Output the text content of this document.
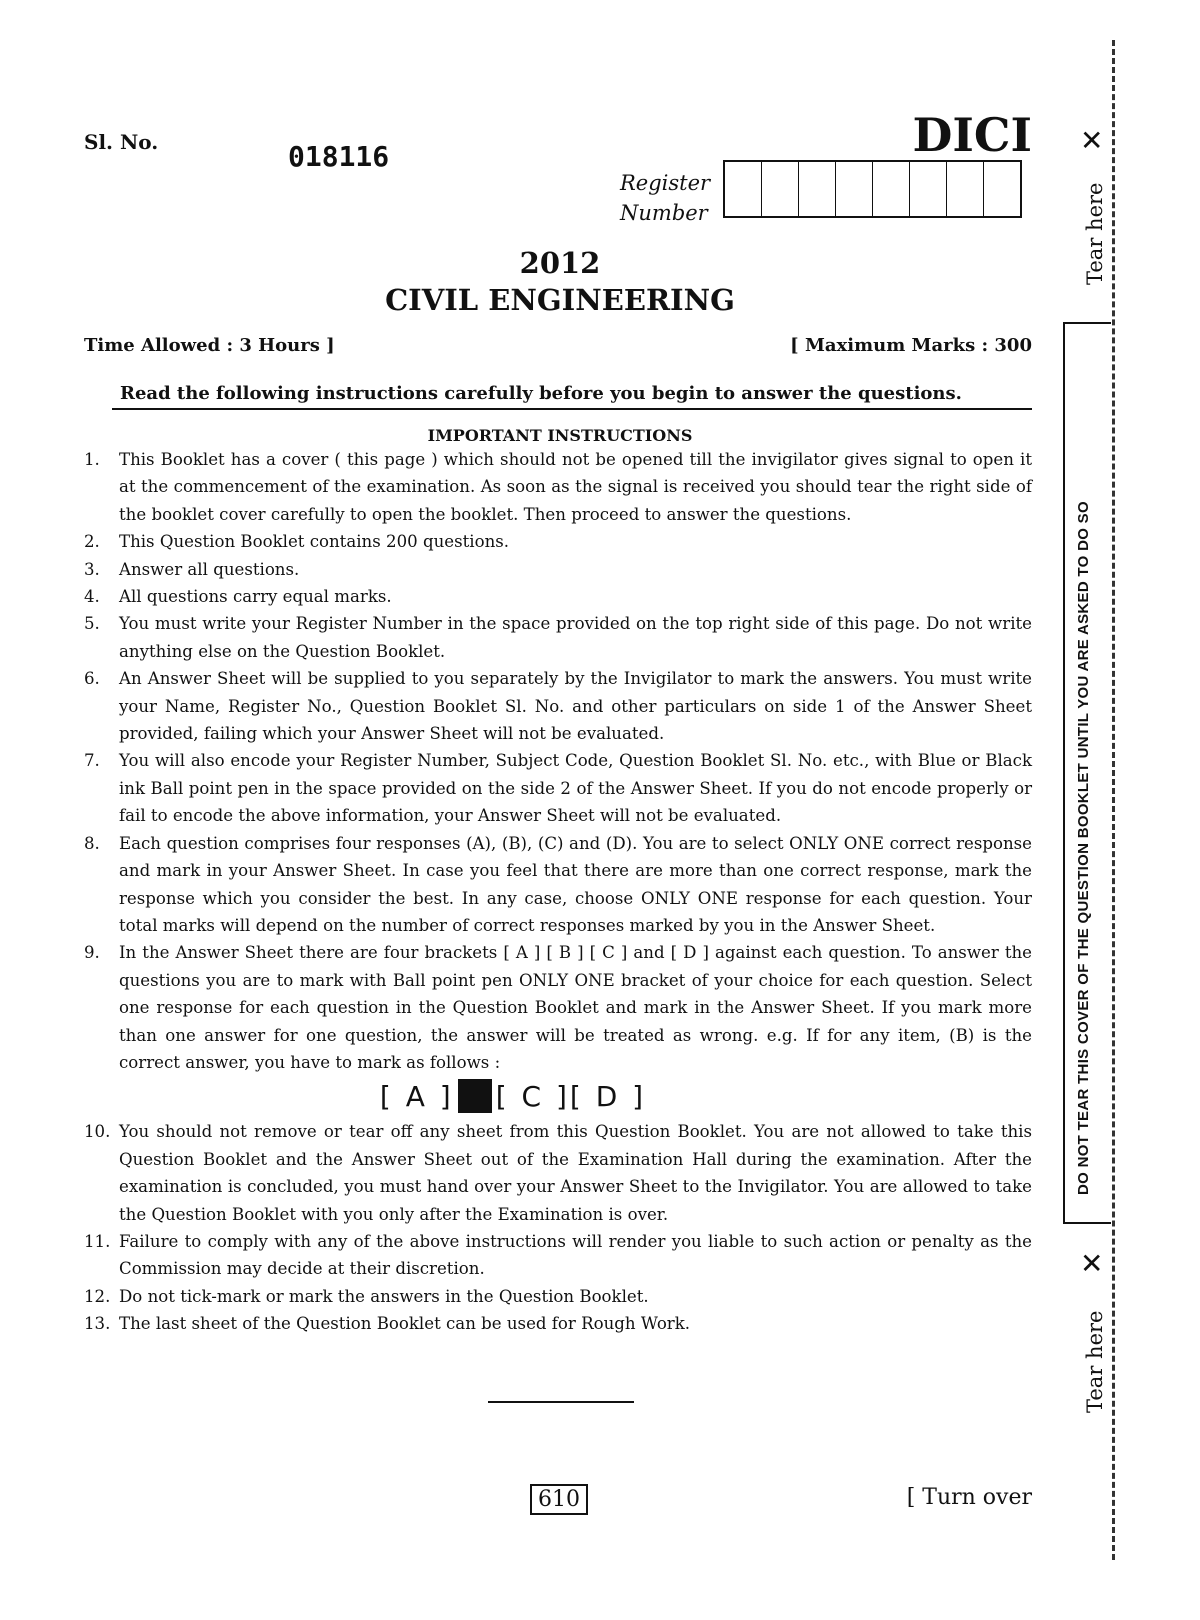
Sl. No.	018116	DICI
Register
Number
2012
CIVIL ENGINEERING
Time Allowed : 3 Hours ]	[ Maximum Marks : 300
Read the following instructions carefully before you begin to answer the questions.
IMPORTANT INSTRUCTIONS
1.	This Booklet has a cover ( this page ) which should not be opened till the invigilator gives signal to open it at the commencement of the examination. As soon as the signal is received you should tear the right side of the booklet cover carefully to open the booklet. Then proceed to answer the questions.
2.	This Question Booklet contains 200 questions.
3.	Answer all questions.
4.	All questions carry equal marks.
5.	You must write your Register Number in the space provided on the top right side of this page. Do not write anything else on the Question Booklet.
6.	An Answer Sheet will be supplied to you separately by the Invigilator to mark the answers. You must write your Name, Register No., Question Booklet Sl. No. and other particulars on side 1 of the Answer Sheet provided, failing which your Answer Sheet will not be evaluated.
7.	You will also encode your Register Number, Subject Code, Question Booklet Sl. No. etc., with Blue or Black ink Ball point pen in the space provided on the side 2 of the Answer Sheet. If you do not encode properly or fail to encode the above information, your Answer Sheet will not be evaluated.
8.	Each question comprises four responses (A), (B), (C) and (D). You are to select ONLY ONE correct response and mark in your Answer Sheet. In case you feel that there are more than one correct response, mark the response which you consider the best. In any case, choose ONLY ONE response for each question. Your total marks will depend on the number of correct responses marked by you in the Answer Sheet.
9.	In the Answer Sheet there are four brackets [ A ] [ B ] [ C ] and [ D ] against each question. To answer the questions you are to mark with Ball point pen ONLY ONE bracket of your choice for each question. Select one response for each question in the Question Booklet and mark in the Answer Sheet. If you mark more than one answer for one question, the answer will be treated as wrong. e.g. If for any item, (B) is the correct answer, you have to mark as follows :
[ A ] [ C ] [ D ]
10. You should not remove or tear off any sheet from this Question Booklet. You are not allowed to take this Question Booklet and the Answer Sheet out of the Examination Hall during the examination. After the examination is concluded, you must hand over your Answer Sheet to the Invigilator. You are allowed to take the Question Booklet with you only after the Examination is over.
11. Failure to comply with any of the above instructions will render you liable to such action or penalty as the Commission may decide at their discretion.
12. Do not tick-mark or mark the answers in the Question Booklet.
13. The last sheet of the Question Booklet can be used for Rough Work.
610	[ Turn over
✕
✕
Tear here
Tear here
DO NOT TEAR THIS COVER OF THE QUESTION BOOKLET UNTIL YOU ARE ASKED TO DO SO
